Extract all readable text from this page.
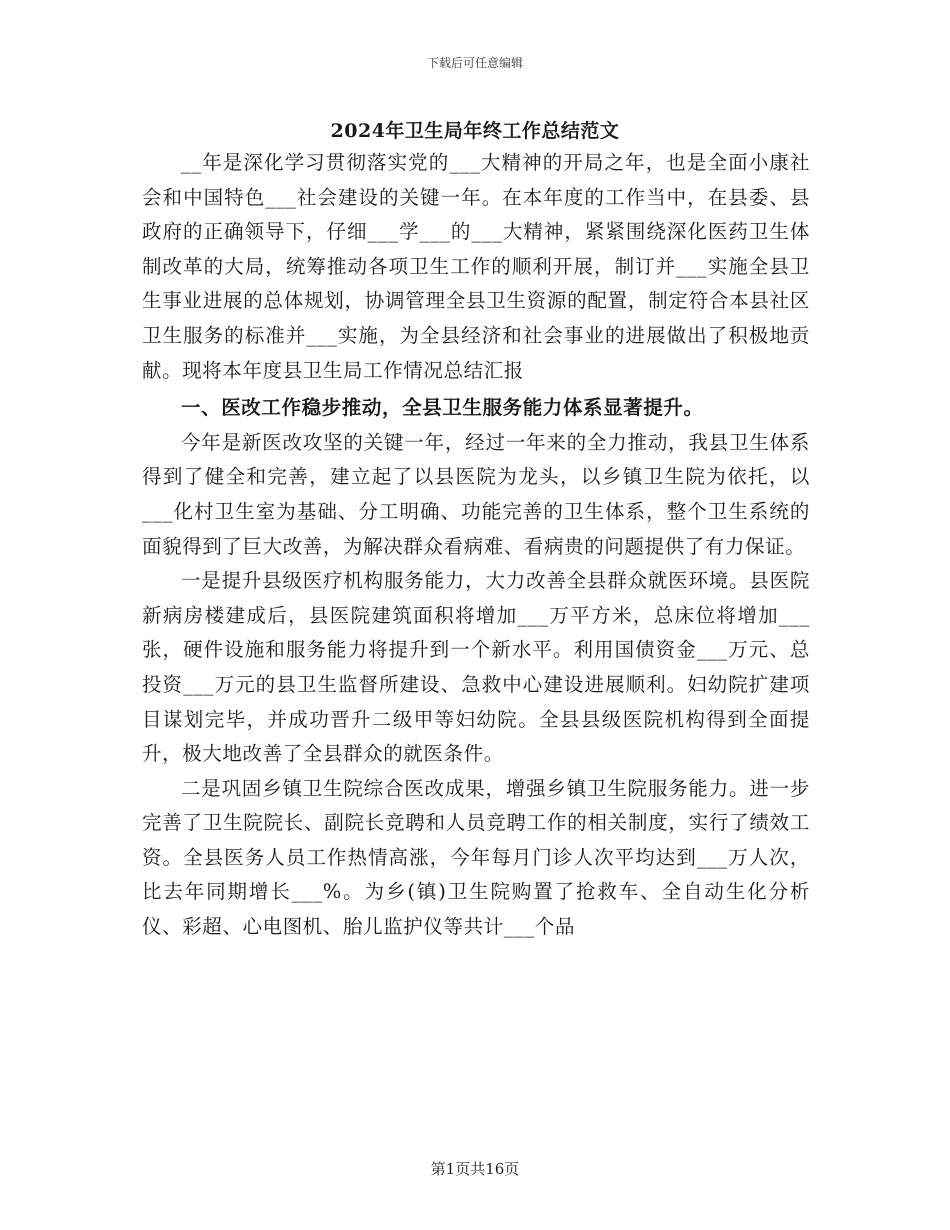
下载后可任意编辑
2024年卫生局年终工作总结范文

__年是深化学习贯彻落实党的___大精神的开局之年，也是全面小康社会和中国特色___社会建设的关键一年。在本年度的工作当中，在县委、县政府的正确领导下，仔细___学___的___大精神，紧紧围绕深化医药卫生体制改革的大局，统筹推动各项卫生工作的顺利开展，制订并___实施全县卫生事业进展的总体规划，协调管理全县卫生资源的配置，制定符合本县社区卫生服务的标准并___实施，为全县经济和社会事业的进展做出了积极地贡献。现将本年度县卫生局工作情况总结汇报

一、医改工作稳步推动，全县卫生服务能力体系显著提升。

今年是新医改攻坚的关键一年，经过一年来的全力推动，我县卫生体系得到了健全和完善，建立起了以县医院为龙头，以乡镇卫生院为依托，以___化村卫生室为基础、分工明确、功能完善的卫生体系，整个卫生系统的面貌得到了巨大改善，为解决群众看病难、看病贵的问题提供了有力保证。

一是提升县级医疗机构服务能力，大力改善全县群众就医环境。县医院新病房楼建成后，县医院建筑面积将增加___万平方米，总床位将增加___张，硬件设施和服务能力将提升到一个新水平。利用国债资金___万元、总投资___万元的县卫生监督所建设、急救中心建设进展顺利。妇幼院扩建项目谋划完毕，并成功晋升二级甲等妇幼院。全县县级医院机构得到全面提升，极大地改善了全县群众的就医条件。

二是巩固乡镇卫生院综合医改成果，增强乡镇卫生院服务能力。进一步完善了卫生院院长、副院长竞聘和人员竞聘工作的相关制度，实行了绩效工资。全县医务人员工作热情高涨，今年每月门诊人次平均达到___万人次，比去年同期增长___%。为乡(镇)卫生院购置了抢救车、全自动生化分析仪、彩超、心电图机、胎儿监护仪等共计___个品

第1页共16页
